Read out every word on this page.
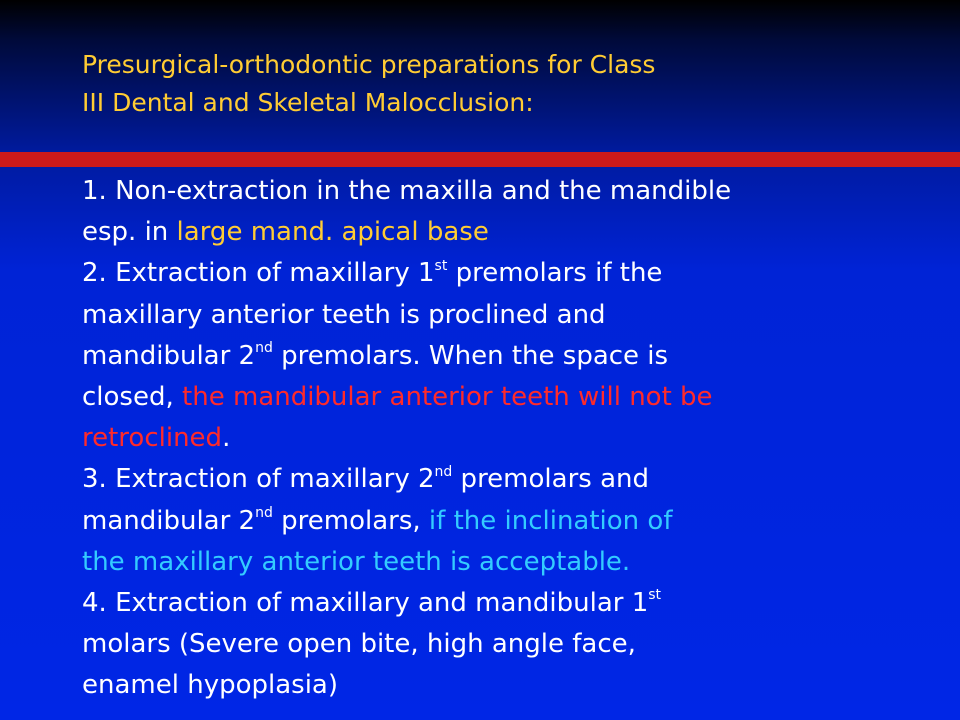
Presurgical-orthodontic preparations for Class
III Dental and Skeletal Malocclusion:
1. Non-extraction in the maxilla and the mandible
esp. in large mand. apical base
2. Extraction of maxillary 1st premolars if the
maxillary anterior teeth is proclined and
mandibular 2nd premolars. When the space is
closed, the mandibular anterior teeth will not be
retroclined.
3. Extraction of maxillary 2nd premolars and
mandibular 2nd premolars, if the inclination of
the maxillary anterior teeth is acceptable.
4. Extraction of maxillary and mandibular 1st
molars (Severe open bite, high angle face,
enamel hypoplasia)
